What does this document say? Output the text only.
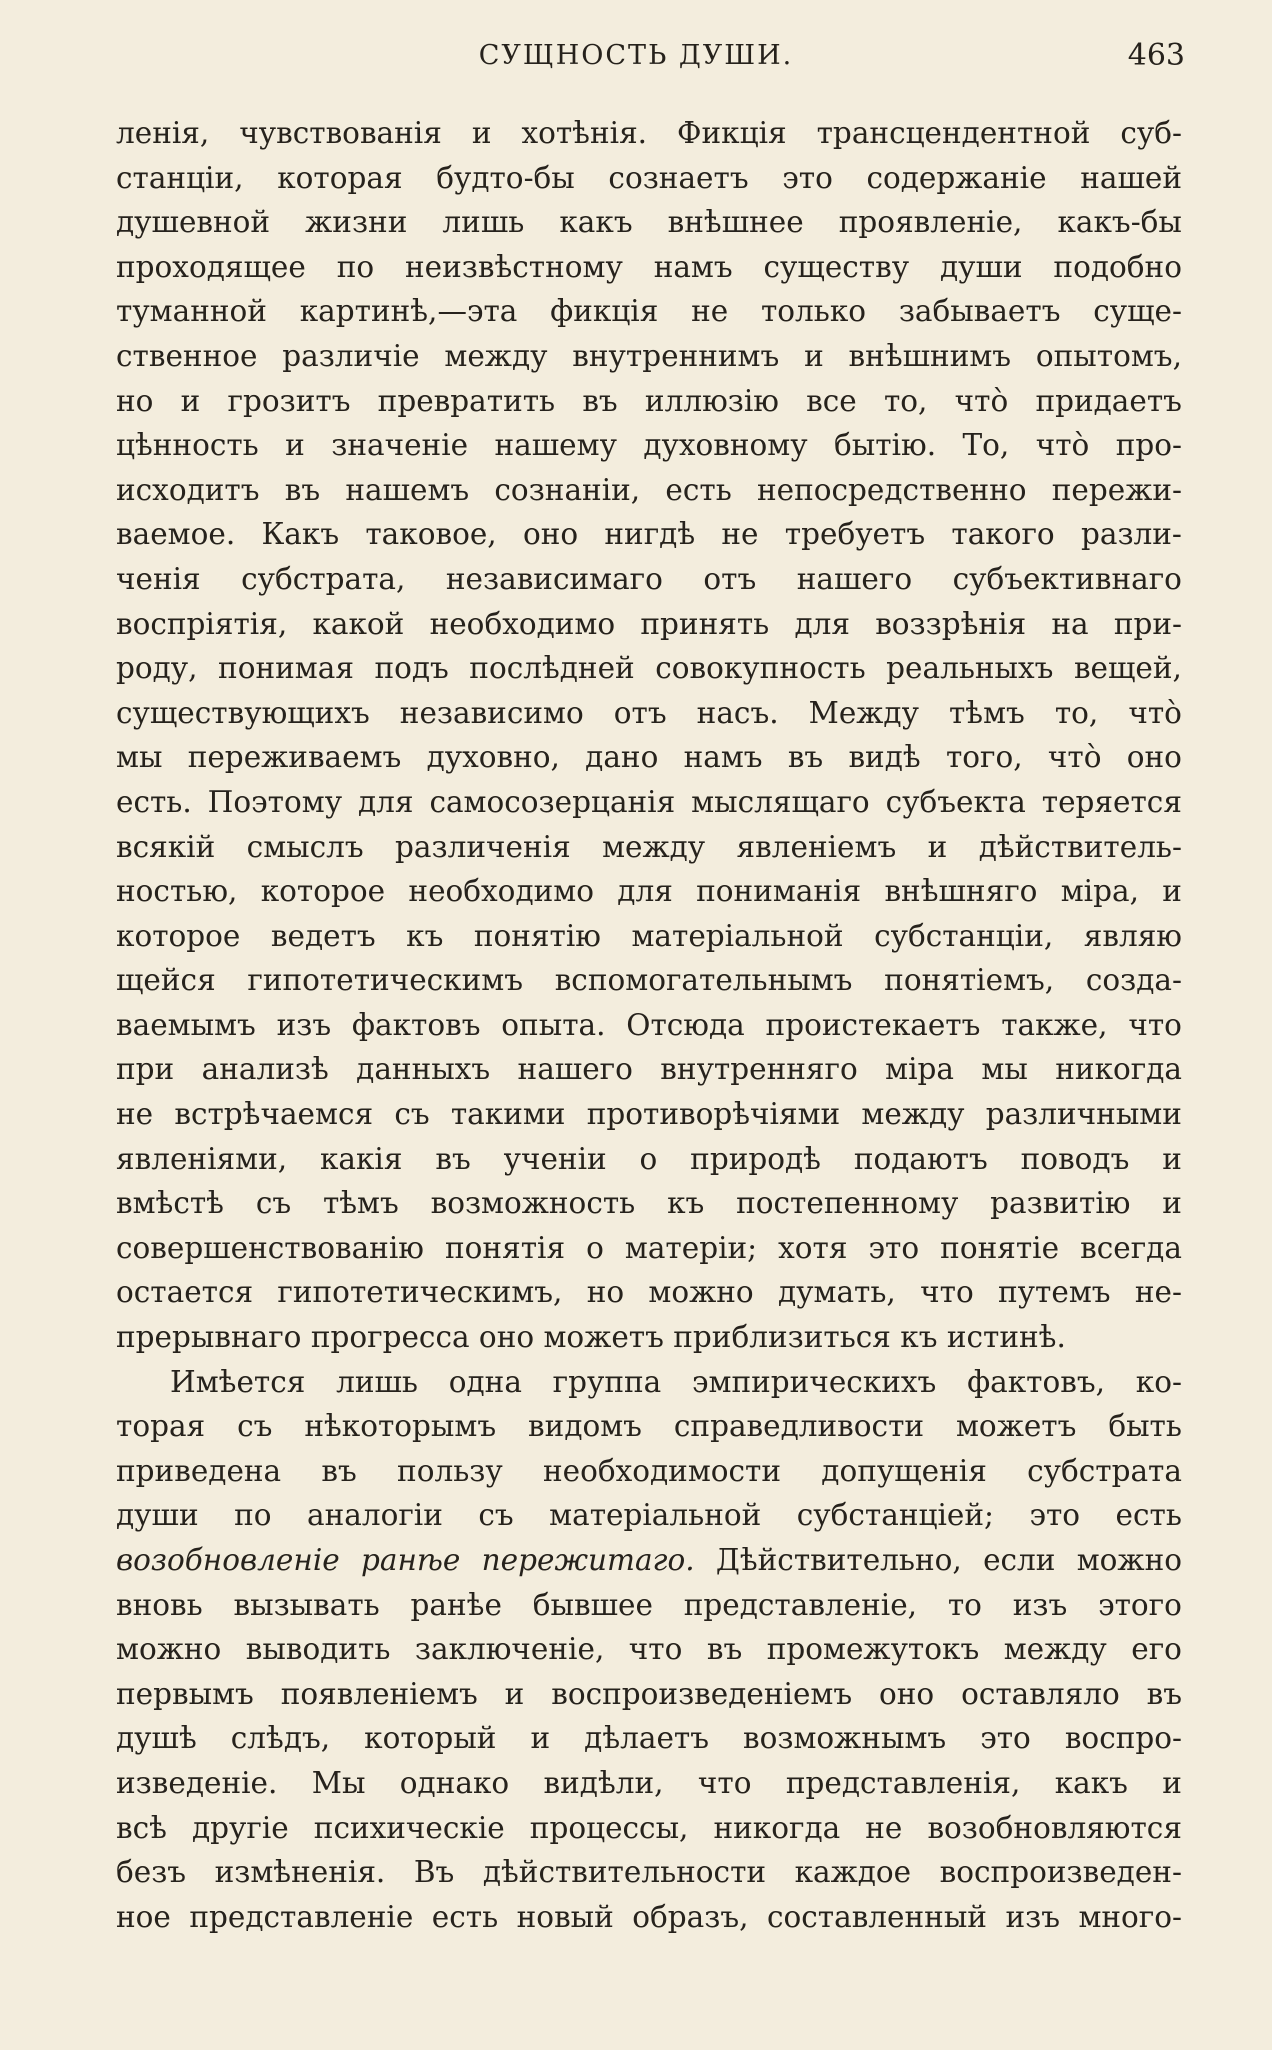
СУЩНОСТЬ ДУШИ.	463
ленія, чувствованія и хотѣнія. Фикція трансцендентной суб-
станціи, которая будто-бы сознаетъ это содержаніе нашей
душевной жизни лишь какъ внѣшнее проявленіе, какъ-бы
проходящее по неизвѣстному намъ существу души подобно
туманной картинѣ,—эта фикція не только забываетъ суще-
ственное различіе между внутреннимъ и внѣшнимъ опытомъ,
но и грозитъ превратить въ иллюзію все то, что̀ придаетъ
цѣнность и значеніе нашему духовному бытію. То, что̀ про-
исходитъ въ нашемъ сознаніи, есть непосредственно пережи-
ваемое. Какъ таковое, оно нигдѣ не требуетъ такого разли-
ченія субстрата, независимаго отъ нашего субъективнаго
воспріятія, какой необходимо принять для воззрѣнія на при-
роду, понимая подъ послѣдней совокупность реальныхъ вещей,
существующихъ независимо отъ насъ. Между тѣмъ то, что̀
мы переживаемъ духовно, дано намъ въ видѣ того, что̀ оно
есть. Поэтому для самосозерцанія мыслящаго субъекта теряется
всякій смыслъ различенія между явленіемъ и дѣйствитель-
ностью, которое необходимо для пониманія внѣшняго міра, и
которое ведетъ къ понятію матеріальной субстанціи, являю
щейся гипотетическимъ вспомогательнымъ понятіемъ, созда-
ваемымъ изъ фактовъ опыта. Отсюда проистекаетъ также, что
при анализѣ данныхъ нашего внутренняго міра мы никогда
не встрѣчаемся съ такими противорѣчіями между различными
явленіями, какія въ ученіи о природѣ подаютъ поводъ и
вмѣстѣ съ тѣмъ возможность къ постепенному развитію и
совершенствованію понятія о матеріи; хотя это понятіе всегда
остается гипотетическимъ, но можно думать, что путемъ не-
прерывнаго прогресса оно можетъ приблизиться къ истинѣ.
Имѣется лишь одна группа эмпирическихъ фактовъ, ко-
торая съ нѣкоторымъ видомъ справедливости можетъ быть
приведена въ пользу необходимости допущенія субстрата
души по аналогіи съ матеріальной субстанціей; это есть
возобновленіе ранѣе пережитаго. Дѣйствительно, если можно
вновь вызывать ранѣе бывшее представленіе, то изъ этого
можно выводить заключеніе, что въ промежутокъ между его
первымъ появленіемъ и воспроизведеніемъ оно оставляло въ
душѣ слѣдъ, который и дѣлаетъ возможнымъ это воспро-
изведеніе. Мы однако видѣли, что представленія, какъ и
всѣ другіе психическіе процессы, никогда не возобновляются
безъ измѣненія. Въ дѣйствительности каждое воспроизведен-
ное представленіе есть новый образъ, составленный изъ много-
